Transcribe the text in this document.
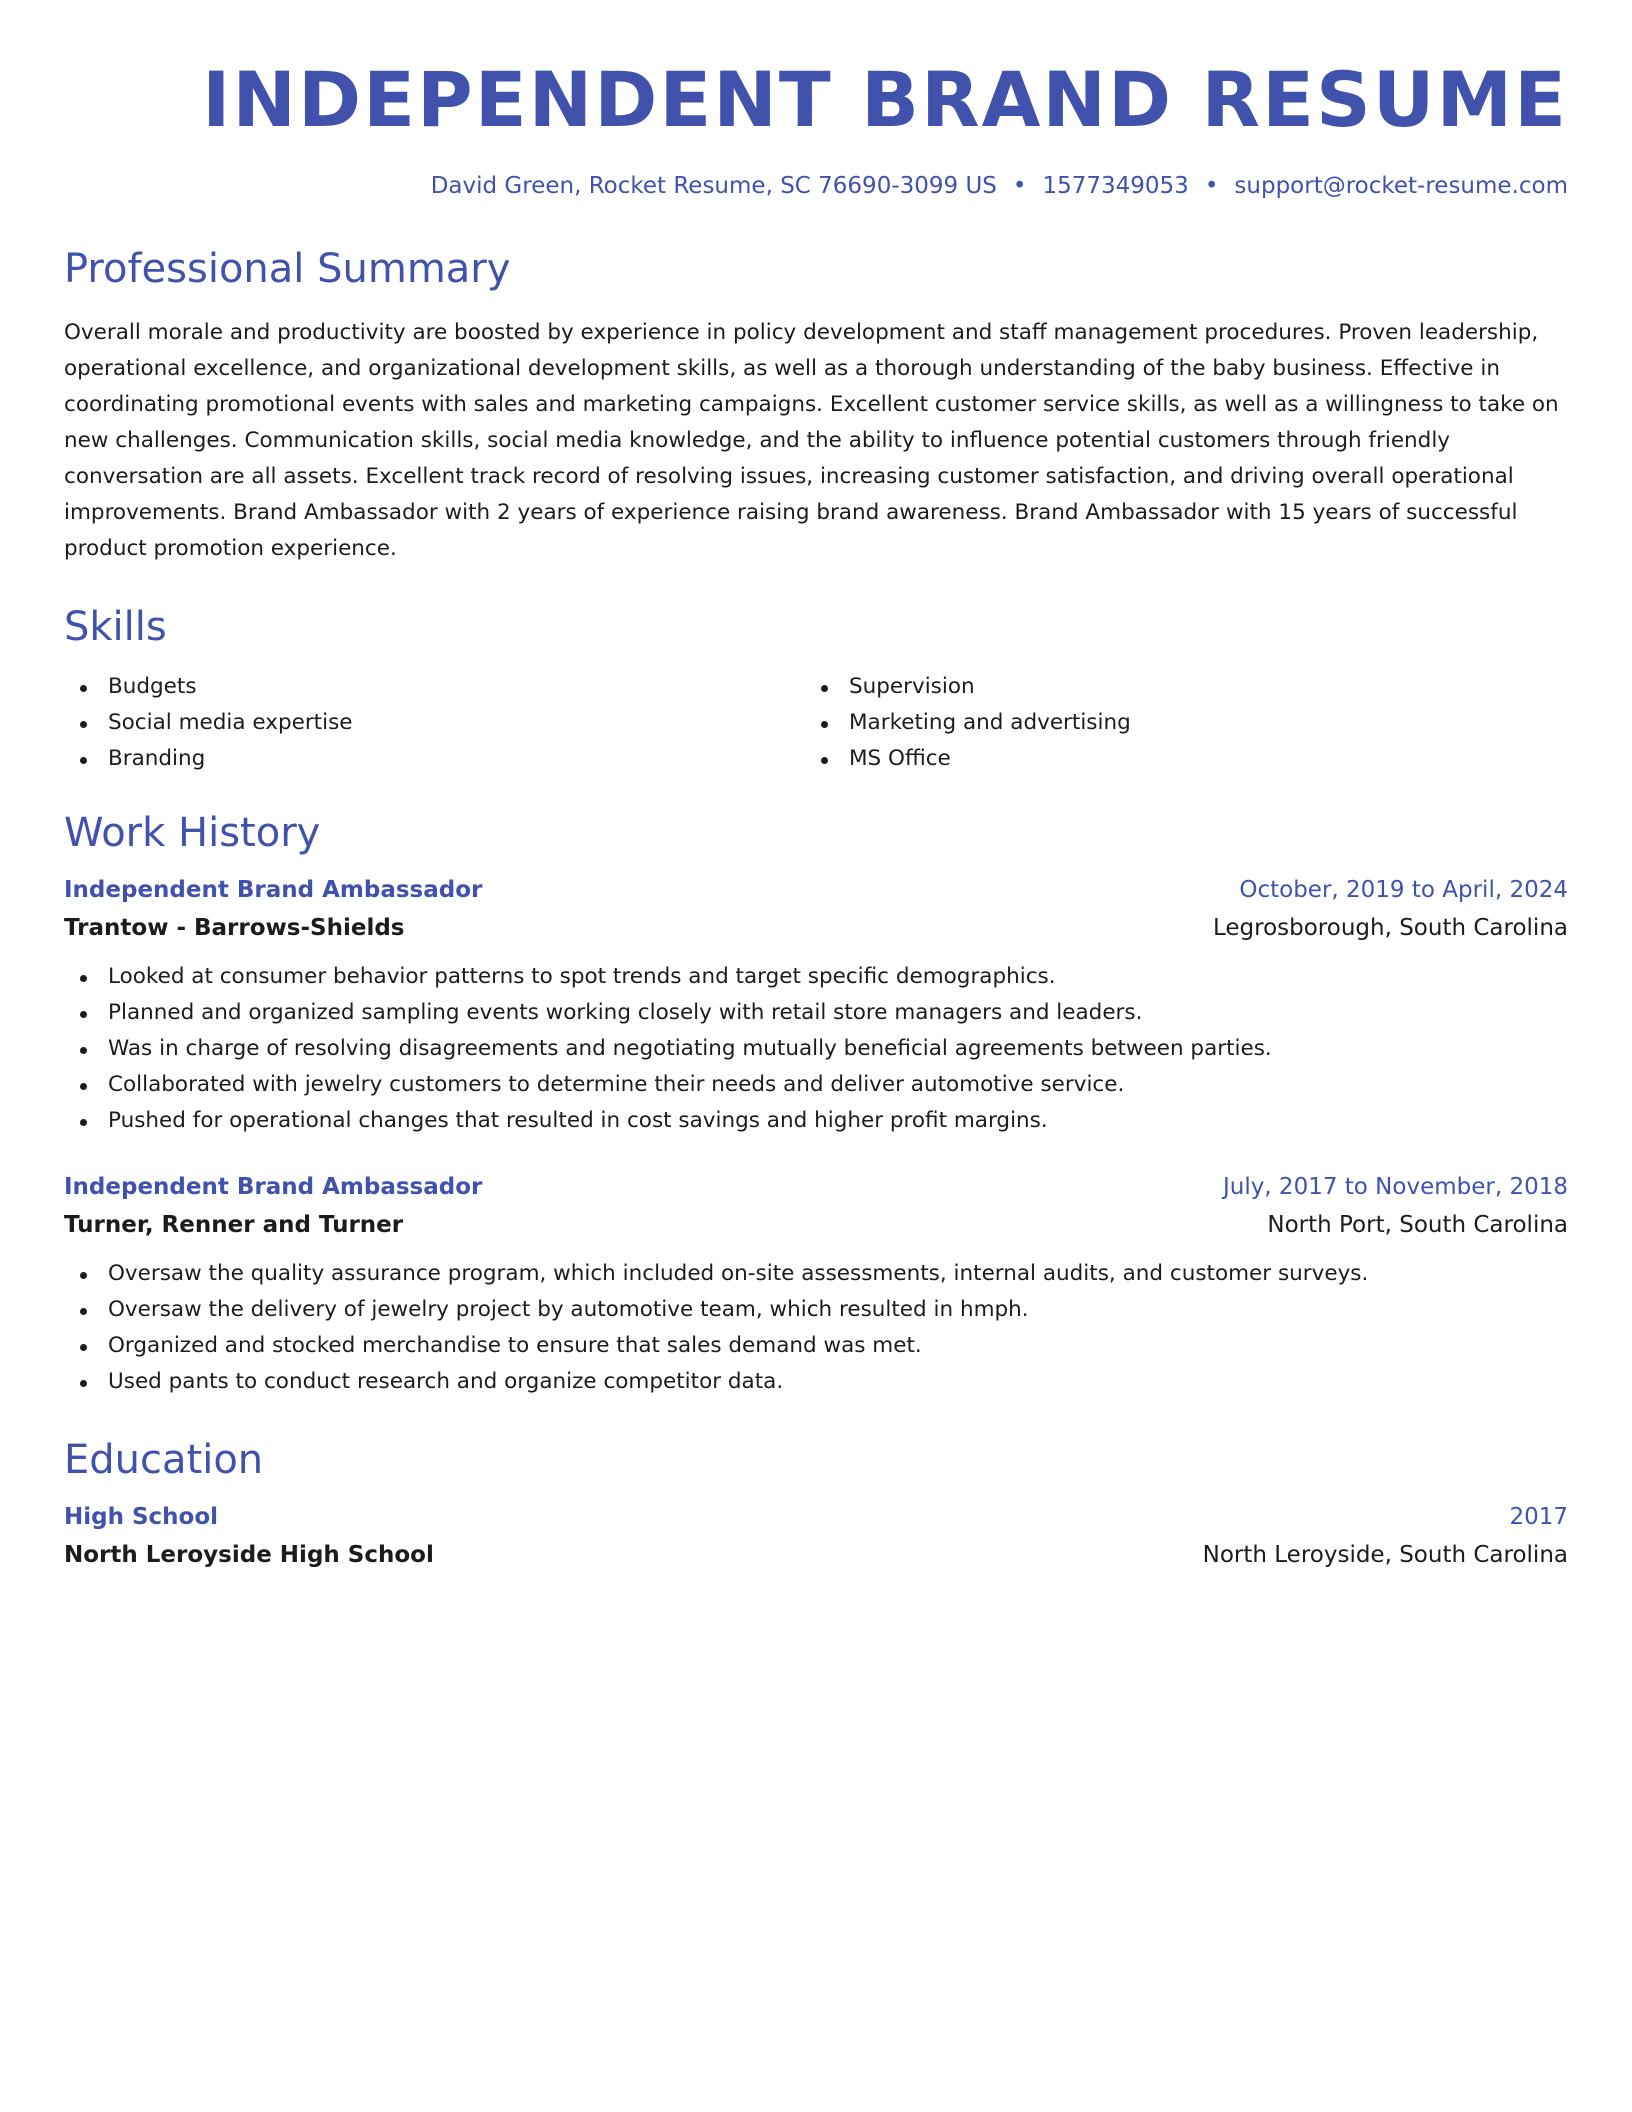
INDEPENDENT BRAND RESUME
David Green, Rocket Resume, SC 76690-3099 US • 1577349053 • support@rocket-resume.com
Professional Summary
Overall morale and productivity are boosted by experience in policy development and staff management procedures. Proven leadership, operational excellence, and organizational development skills, as well as a thorough understanding of the baby business. Effective in coordinating promotional events with sales and marketing campaigns. Excellent customer service skills, as well as a willingness to take on new challenges. Communication skills, social media knowledge, and the ability to influence potential customers through friendly conversation are all assets. Excellent track record of resolving issues, increasing customer satisfaction, and driving overall operational improvements. Brand Ambassador with 2 years of experience raising brand awareness. Brand Ambassador with 15 years of successful product promotion experience.
Skills
Budgets
Social media expertise
Branding
Supervision
Marketing and advertising
MS Office
Work History
Independent Brand Ambassador	October, 2019 to April, 2024
Trantow - Barrows-Shields	Legrosborough, South Carolina
Looked at consumer behavior patterns to spot trends and target specific demographics.
Planned and organized sampling events working closely with retail store managers and leaders.
Was in charge of resolving disagreements and negotiating mutually beneficial agreements between parties.
Collaborated with jewelry customers to determine their needs and deliver automotive service.
Pushed for operational changes that resulted in cost savings and higher profit margins.
Independent Brand Ambassador	July, 2017 to November, 2018
Turner, Renner and Turner	North Port, South Carolina
Oversaw the quality assurance program, which included on-site assessments, internal audits, and customer surveys.
Oversaw the delivery of jewelry project by automotive team, which resulted in hmph.
Organized and stocked merchandise to ensure that sales demand was met.
Used pants to conduct research and organize competitor data.
Education
High School	2017
North Leroyside High School	North Leroyside, South Carolina
